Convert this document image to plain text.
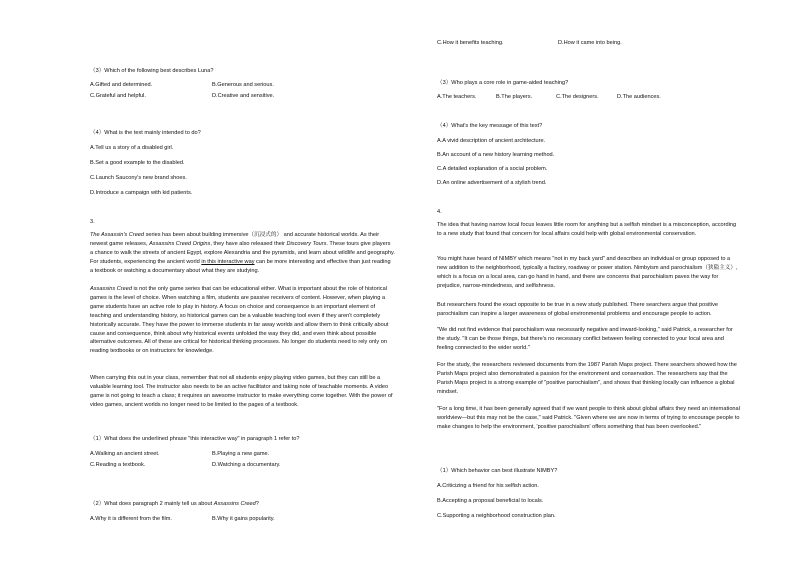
（3）Which of the following best describes Luna?
A.Gifted and determined.	B.Generous and serious.
C.Grateful and helpful.	D.Creative and sensitive.
（4）What is the text mainly intended to do?
A.Tell us a story of a disabled girl.
B.Set a good example to the disabled.
C.Launch Saucony's new brand shoes.
D.Introduce a campaign with kid patients.
3.
The Assassin's Creed series has been about building immersive（沉浸式的） and accurate historical worlds. As their newest game releases, Assassins Creed Origins, they have also released their Discovery Tours. These tours give players a chance to walk the streets of ancient Egypt, explore Alexandria and the pyramids, and learn about wildlife and geography. For students, experiencing the ancient world in this interactive way can be more interesting and effective than just reading a textbook or watching a documentary about what they are studying.
Assassins Creed is not the only game series that can be educational either. What is important about the role of historical games is the level of choice. When watching a film, students are passive receivers of content. However, when playing a game students have an active role to play in history. A focus on choice and consequence is an important element of teaching and understanding history, so historical games can be a valuable teaching tool even if they aren't completely historically accurate. They have the power to immerse students in far away worlds and allow them to think critically about cause and consequence, think about why historical events unfolded the way they did, and even think about possible alternative outcomes. All of these are critical for historical thinking processes. No longer do students need to rely only on reading textbooks or on instructors for knowledge.
When carrying this out in your class, remember that not all students enjoy playing video games, but they can still be a valuable learning tool. The instructor also needs to be an active facilitator and taking note of teachable moments. A video game is not going to teach a class; it requires an awesome instructor to make everything come together. With the power of video games, ancient worlds no longer need to be limited to the pages of a textbook.
（1）What does the underlined phrase "this interactive way" in paragraph 1 refer to?
A.Walking an ancient street.	B.Playing a new game.
C.Reading a textbook.	D.Watching a documentary.
（2）What does paragraph 2 mainly tell us about Assassins Creed?
A.Why it is different from the film.	B.Why it gains popularity.
C.How it benefits teaching.	D.How it came into being.
（3）Who plays a core role in game-aided teaching?
A.The teachers.	B.The players.	C.The designers.	D.The audiences.
（4）What's the key message of this text?
A.A vivid description of ancient architecture.
B.An account of a new history learning method.
C.A detailed explanation of a social problem.
D.An online advertisement of a stylish trend.
4.
The idea that having narrow local focus leaves little room for anything but a selfish mindset is a misconception, according to a new study that found that concern for local affairs could help with global environmental conservation.
You might have heard of NIMBY which means "not in my back yard" and describes an individual or group opposed to a new addition to the neighborhood, typically a factory, roadway or power station. Nimbyism and parochialism（狭隘主义）, which is a focus on a local area, can go hand in hand, and there are concerns that parochialism paves the way for prejudice, narrow-mindedness, and selfishness.
But researchers found the exact opposite to be true in a new study published. There searchers argue that positive parochialism can inspire a larger awareness of global environmental problems and encourage people to action.
"We did not find evidence that parochialism was necessarily negative and inward-looking," said Patrick, a researcher for the study. "It can be those things, but there's no necessary conflict between feeling connected to your local area and feeling connected to the wider world."
For the study, the researchers reviewed documents from the 1987 Parish Maps project. There searchers showed how the Parish Maps project also demonstrated a passion for the environment and conservation. The researchers say that the Parish Maps project is a strong example of "positive parochialism", and shows that thinking locally can influence a global mindset.
"For a long time, it has been generally agreed that if we want people to think about global affairs they need an international worldview—but this may not be the case," said Patrick. "Given where we are now in terms of trying to encourage people to make changes to help the environment, 'positive parochialism' offers something that has been overlooked."
（1）Which behavior can best illustrate NIMBY?
A.Criticizing a friend for his selfish action.
B.Accepting a proposal beneficial to locals.
C.Supporting a neighborhood construction plan.
